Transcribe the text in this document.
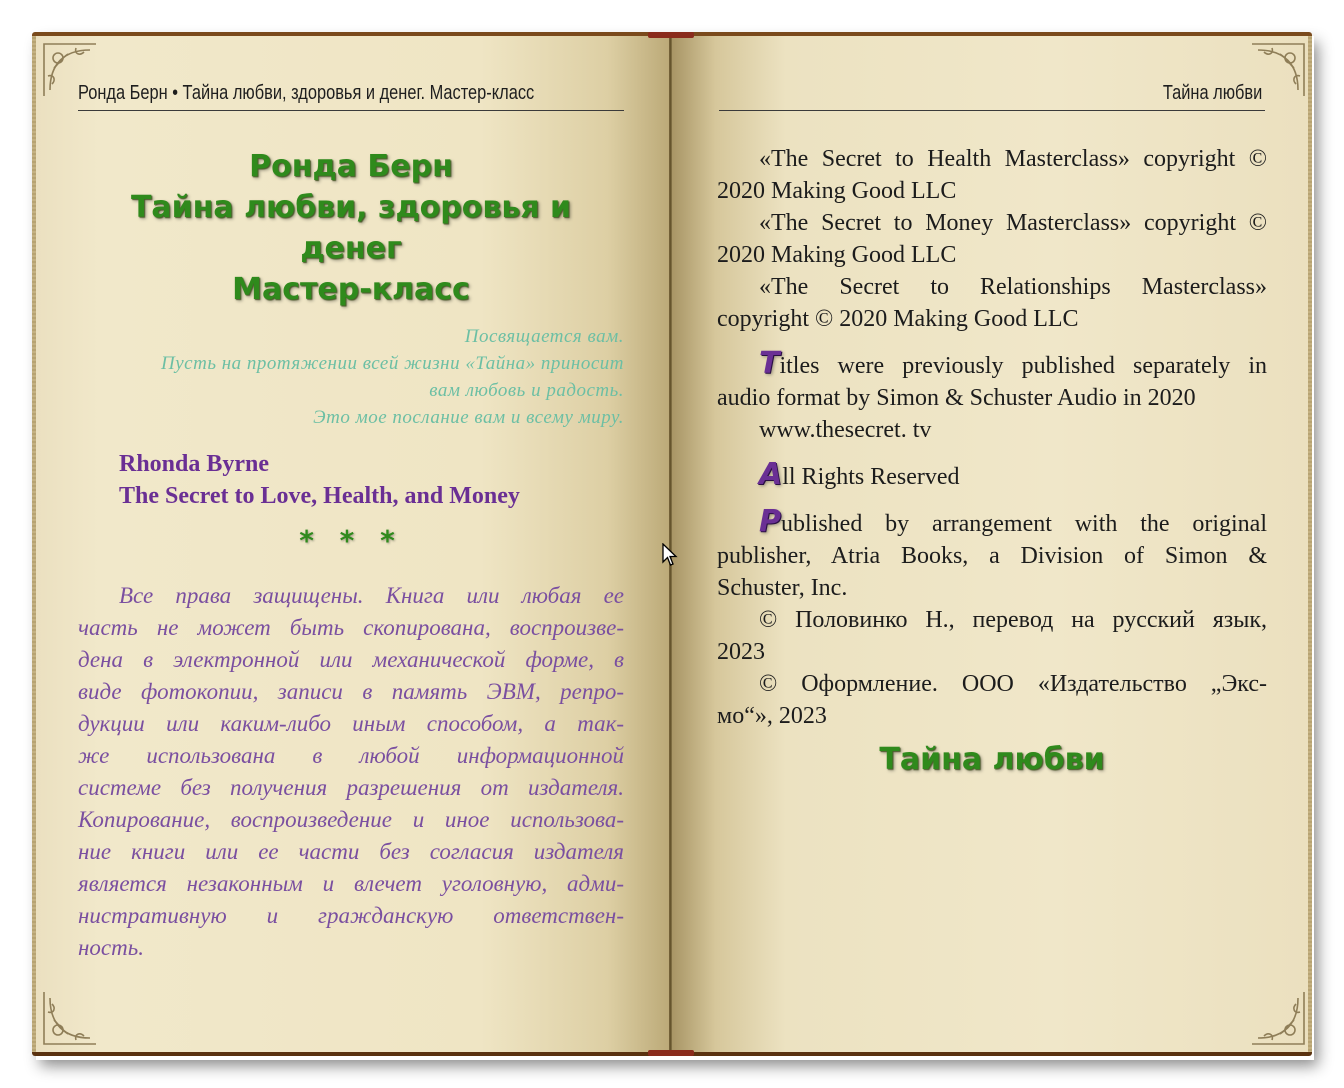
Ронда Берн • Тайна любви, здоровья и денег. Мастер-класс
Ронда Берн
Тайна любви, здоровья и
денег
Мастер-класс
Посвящается вам.
Пусть на протяжении всей жизни «Тайна» приносит
вам любовь и радость.
Это мое послание вам и всему миру.
Rhonda Byrne
The Secret to Love, Health, and Money
* * *
Все права защищены. Книга или любая ее
часть не может быть скопирована, воспроизве-
дена в электронной или механической форме, в
виде фотокопии, записи в память ЭВМ, репро-
дукции или каким-либо иным способом, а так-
же использована в любой информационной
системе без получения разрешения от издателя.
Копирование, воспроизведение и иное использова-
ние книги или ее части без согласия издателя
является незаконным и влечет уголовную, адми-
нистративную и гражданскую ответствен-
ность.
Тайна любви
«The Secret to Health Masterclass» copyright ©
2020 Making Good LLC
«The Secret to Money Masterclass» copyright ©
2020 Making Good LLC
«The Secret to Relationships Masterclass»
copyright © 2020 Making Good LLC
Titles were previously published separately in
audio format by Simon & Schuster Audio in 2020
www.thesecret. tv
All Rights Reserved
Published by arrangement with the original
publisher, Atria Books, a Division of Simon &
Schuster, Inc.
© Половинко Н., перевод на русский язык,
2023
© Оформление. ООО «Издательство „Экс-
мо“», 2023
Тайна любви
